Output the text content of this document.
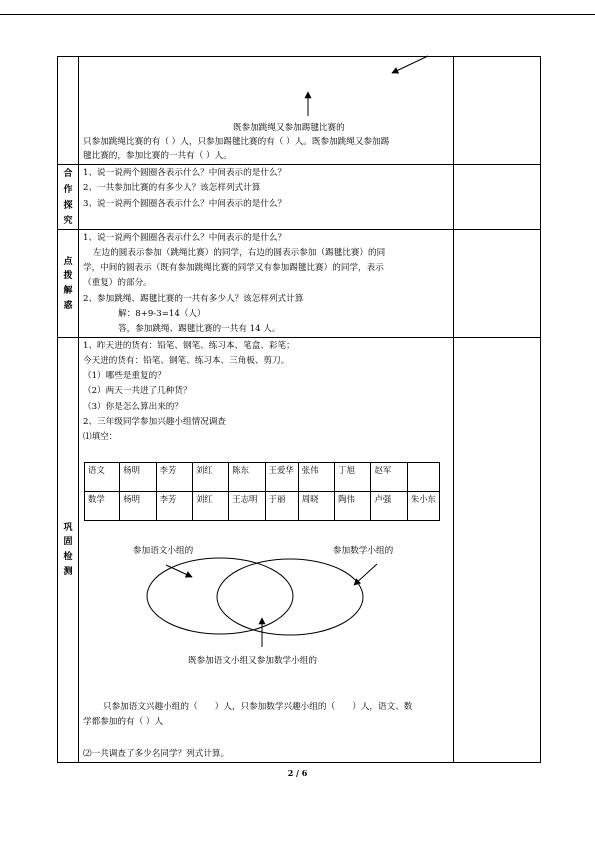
既参加跳绳又参加踢毽比赛的
只参加跳绳比赛的有（ ）人，只参加踢毽比赛的有（ ）人。既参加跳绳又参加踢
毽比赛的，参加比赛的一共有（ ）人。
合
作
探
究
1、说一说两个圆圈各表示什么？中间表示的是什么？
2、一共参加比赛的有多少人？该怎样列式计算
3、说一说两个圆圈各表示什么？中间表示的是什么？
点
拨
解
惑
1、说一说两个圆圈各表示什么？中间表示的是什么？
左边的圆表示参加（跳绳比赛）的同学，右边的圆表示参加（踢毽比赛）的同
学，中间的圆表示（既有参加跳绳比赛的同学又有参加踢毽比赛）的同学，表示
（重复）的部分。
2、参加跳绳、踢毽比赛的一共有多少人？该怎样列式计算
解：8+9-3=14（人）
答，参加跳绳、踢毽比赛的一共有 14 人。
巩
固
检
测
1、昨天进的货有：铅笔、钢笔、练习本、笔盒、彩笔；
今天进的货有：铅笔、钢笔、练习本、三角板、剪刀。
（1）哪些是重复的？
（2）两天一共进了几种货？
（3）你是怎么算出来的？
2、三年级同学参加兴趣小组情况调查
⑴填空：
语文	杨明	李芳	刘红	陈东	王爱华	张伟	丁旭	赵军	
数学	杨明	李芳	刘红	王志明	于丽	周晓	陶伟	卢强	朱小东
参加语文小组的	参加数学小组的
既参加语文小组又参加数学小组的
只参加语文兴趣小组的（　　）人，只参加数学兴趣小组的（　　）人，语文、数
学都参加的有（ ）人
⑵一共调查了多少名同学？列式计算。
2 / 6
